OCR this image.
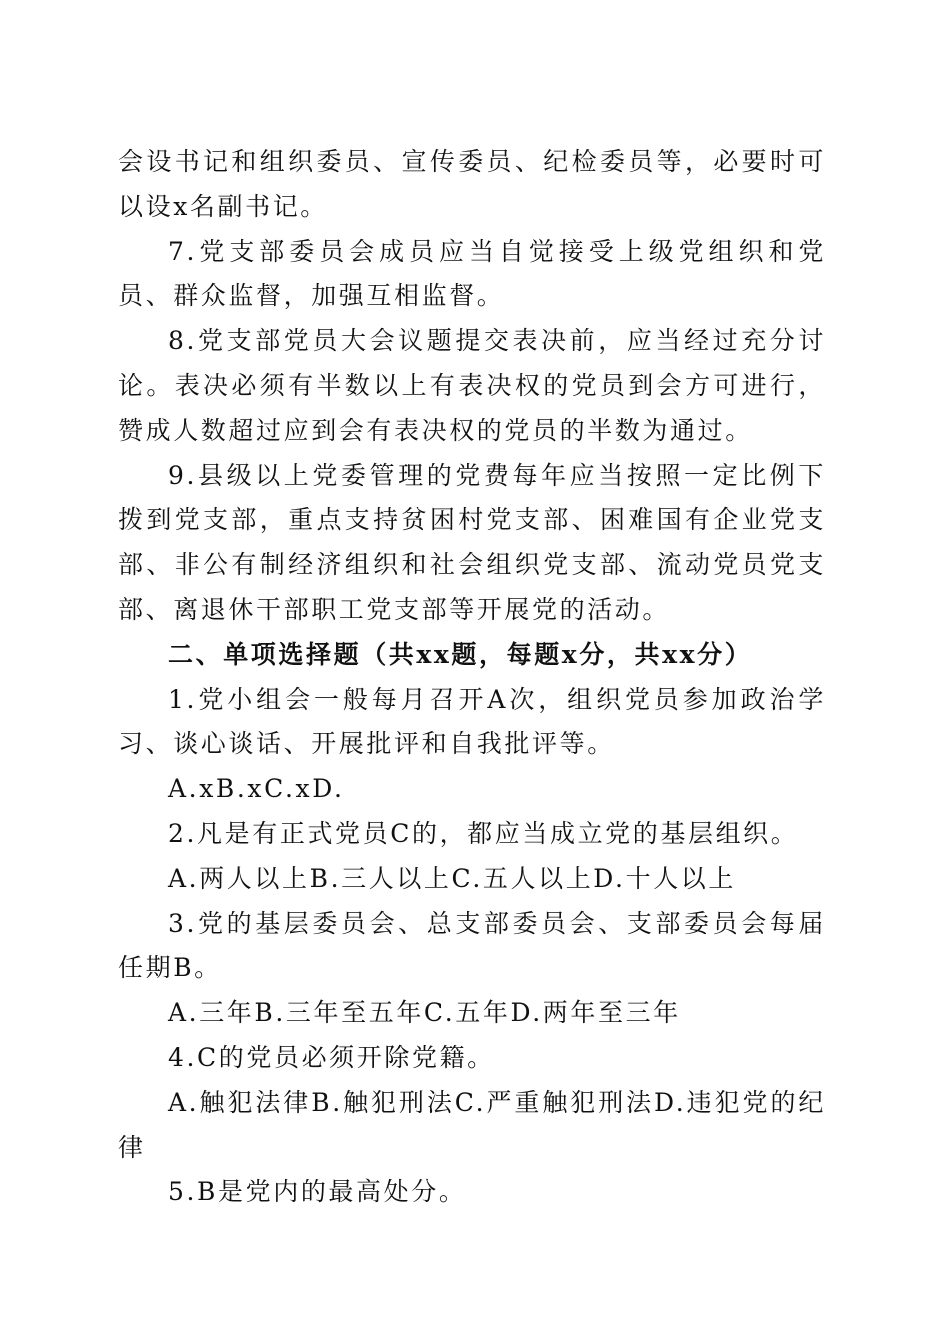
会设书记和组织委员、宣传委员、纪检委员等，必要时可以设x名副书记。

7.党支部委员会成员应当自觉接受上级党组织和党员、群众监督，加强互相监督。

8.党支部党员大会议题提交表决前，应当经过充分讨论。表决必须有半数以上有表决权的党员到会方可进行，赞成人数超过应到会有表决权的党员的半数为通过。

9.县级以上党委管理的党费每年应当按照一定比例下拨到党支部，重点支持贫困村党支部、困难国有企业党支部、非公有制经济组织和社会组织党支部、流动党员党支部、离退休干部职工党支部等开展党的活动。

二、单项选择题（共xx题，每题x分，共xx分）

1.党小组会一般每月召开A次，组织党员参加政治学习、谈心谈话、开展批评和自我批评等。

A.xB.xC.xD.

2.凡是有正式党员C的，都应当成立党的基层组织。

A.两人以上B.三人以上C.五人以上D.十人以上

3.党的基层委员会、总支部委员会、支部委员会每届任期B。

A.三年B.三年至五年C.五年D.两年至三年

4.C的党员必须开除党籍。

A.触犯法律B.触犯刑法C.严重触犯刑法D.违犯党的纪律

5.B是党内的最高处分。
